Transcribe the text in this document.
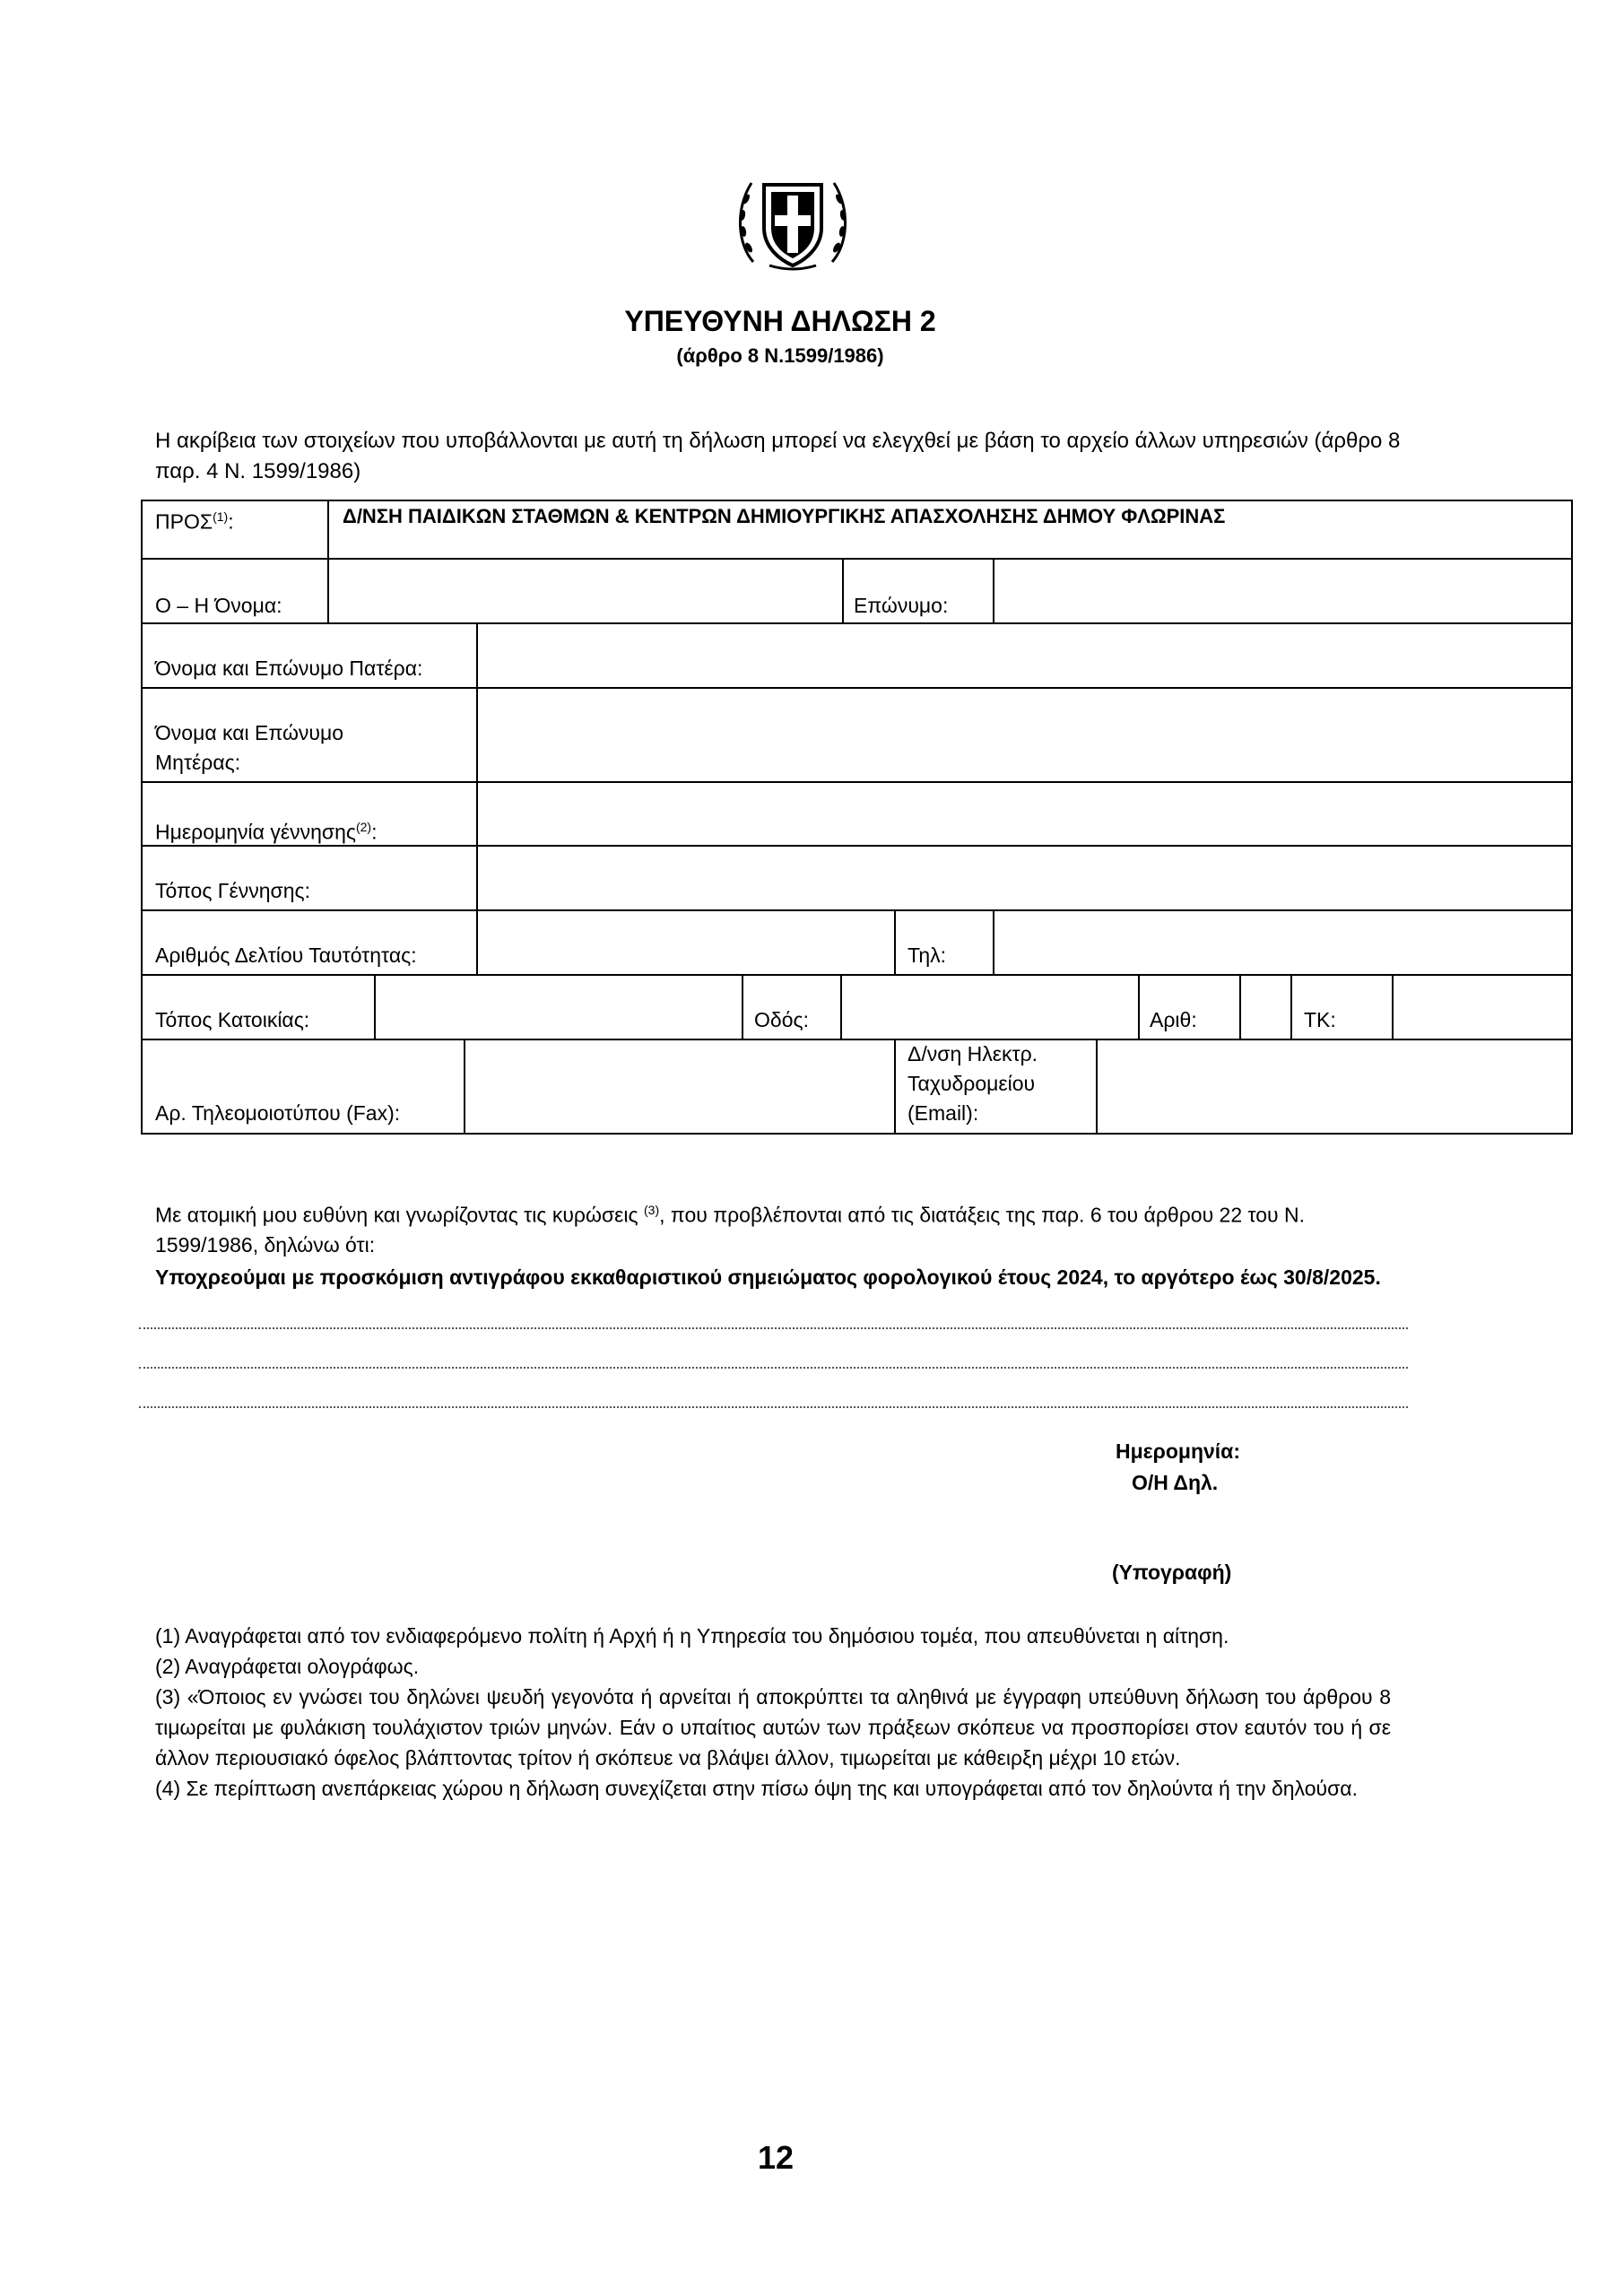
ΥΠΕΥΘΥΝΗ ΔΗΛΩΣΗ 2
(άρθρο 8 Ν.1599/1986)
Η ακρίβεια των στοιχείων που υποβάλλονται με αυτή τη δήλωση μπορεί να ελεγχθεί με βάση το αρχείο άλλων υπηρεσιών (άρθρο 8 παρ. 4 Ν. 1599/1986)
ΠΡΟΣ$^{(1)}$:	Δ/ΝΣΗ ΠΑΙΔΙΚΩΝ ΣΤΑΘΜΩΝ & ΚΕΝΤΡΩΝ ΔΗΜΙΟΥΡΓΙΚΗΣ ΑΠΑΣΧΟΛΗΣΗΣ ΔΗΜΟΥ ΦΛΩΡΙΝΑΣ
Ο – Η Όνομα:	Επώνυμο:
Όνομα και Επώνυμο Πατέρα:
Όνομα και Επώνυμο Μητέρας:
Ημερομηνία γέννησης$^{(2)}$:
Τόπος Γέννησης:
Αριθμός Δελτίου Ταυτότητας:	Τηλ:
Τόπος Κατοικίας:	Οδός:	Αριθ:	ΤΚ:
Αρ. Τηλεομοιοτύπου (Fax):
Δ/νση Ηλεκτρ. Ταχυδρομείου (Email):
Με ατομική μου ευθύνη και γνωρίζοντας τις κυρώσεις $^{(3)}$, που προβλέπονται από τις διατάξεις της παρ. 6 του άρθρου 22 του Ν. 1599/1986, δηλώνω ότι:
Υποχρεούμαι με προσκόμιση αντιγράφου εκκαθαριστικού σημειώματος φορολογικού έτους 2024, το αργότερο έως 30/8/2025.
Ημερομηνία:
Ο/Η Δηλ.
(Υπογραφή)

(1) Αναγράφεται από τον ενδιαφερόμενο πολίτη ή Αρχή ή η Υπηρεσία του δημόσιου τομέα, που απευθύνεται η αίτηση.

(2) Αναγράφεται ολογράφως.

(3) «Όποιος εν γνώσει του δηλώνει ψευδή γεγονότα ή αρνείται ή αποκρύπτει τα αληθινά με έγγραφη υπεύθυνη δήλωση του άρθρου 8 τιμωρείται με φυλάκιση τουλάχιστον τριών μηνών. Εάν ο υπαίτιος αυτών των πράξεων σκόπευε να προσπορίσει στον εαυτόν του ή σε άλλον περιουσιακό όφελος βλάπτοντας τρίτον ή σκόπευε να βλάψει άλλον, τιμωρείται με κάθειρξη μέχρι 10 ετών.

(4) Σε περίπτωση ανεπάρκειας χώρου η δήλωση συνεχίζεται στην πίσω όψη της και υπογράφεται από τον δηλούντα ή την δηλούσα.

12
